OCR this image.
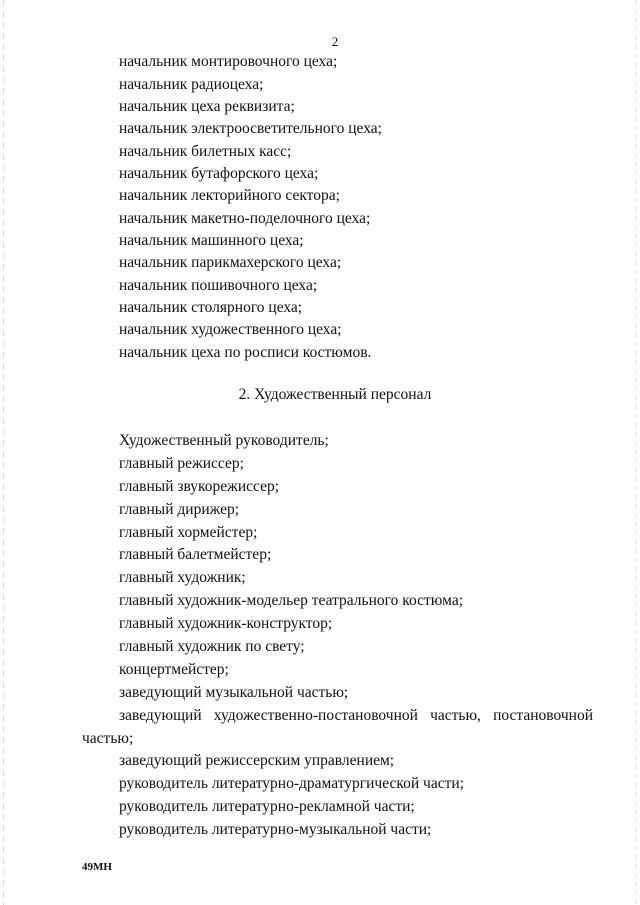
2
начальник монтировочного цеха;
начальник радиоцеха;
начальник цеха реквизита;
начальник электроосветительного цеха;
начальник билетных касс;
начальник бутафорского цеха;
начальник лекторийного сектора;
начальник макетно-поделочного цеха;
начальник машинного цеха;
начальник парикмахерского цеха;
начальник пошивочного цеха;
начальник столярного цеха;
начальник художественного цеха;
начальник цеха по росписи костюмов.
2. Художественный персонал
Художественный руководитель;
главный режиссер;
главный звукорежиссер;
главный дирижер;
главный хормейстер;
главный балетмейстер;
главный художник;
главный художник-модельер театрального костюма;
главный художник-конструктор;
главный художник по свету;
концертмейстер;
заведующий музыкальной частью;
заведующий художественно-постановочной частью, постановочной
частью;
заведующий режиссерским управлением;
руководитель литературно-драматургической части;
руководитель литературно-рекламной части;
руководитель литературно-музыкальной части;
49МН
